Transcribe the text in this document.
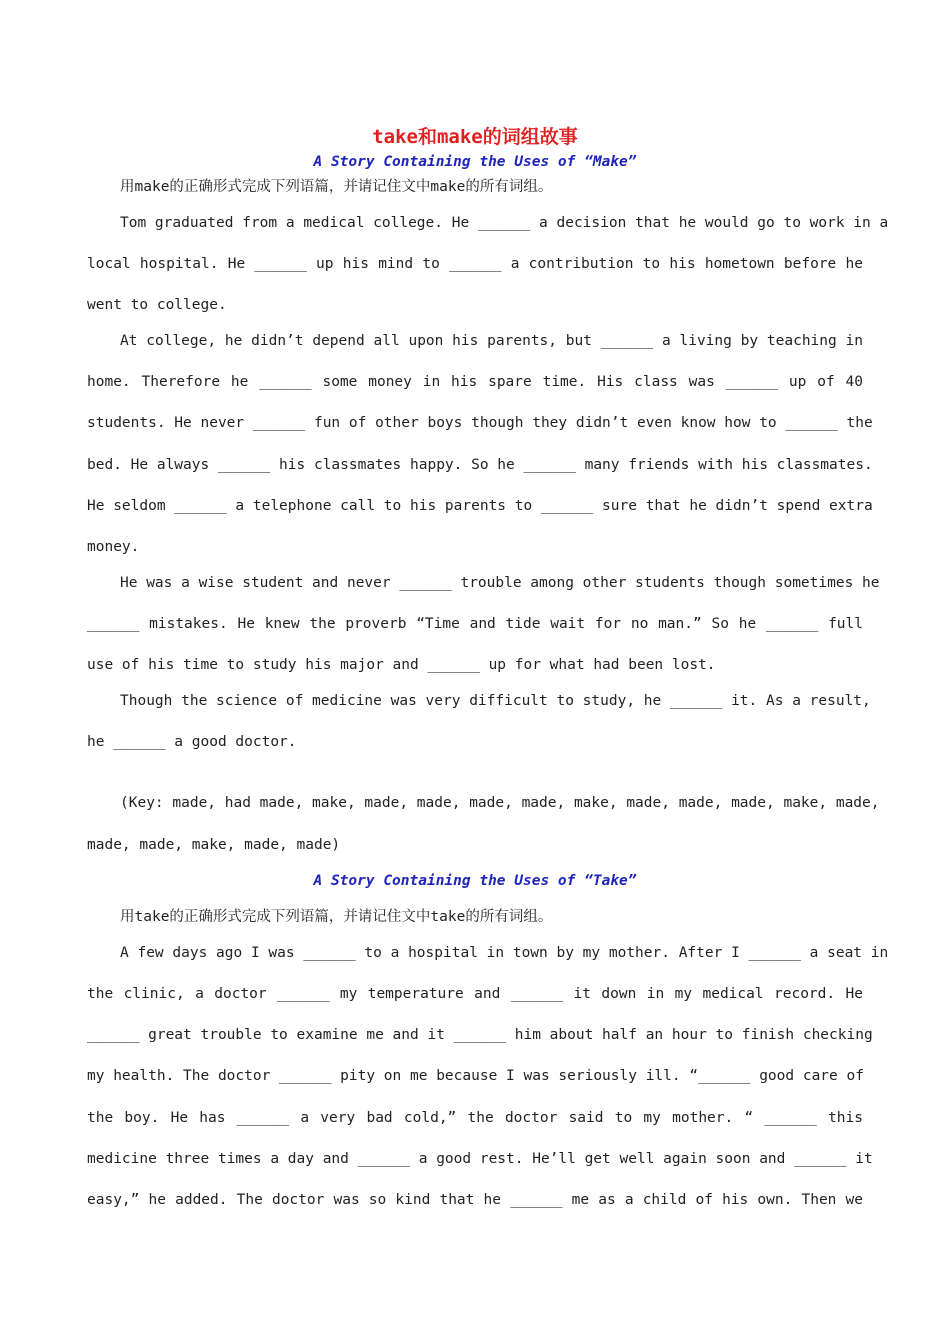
take和make的词组故事

A Story Containing the Uses of “Make”

用make的正确形式完成下列语篇，并请记住文中make的所有词组。

Tom graduated from a medical college. He ______ a decision that he would go to work in a

local hospital. He ______ up his mind to ______ a contribution to his hometown before he

went to college.

At college, he didn’t depend all upon his parents, but ______ a living by teaching in

home. Therefore he ______ some money in his spare time. His class was ______ up of 40

students. He never ______ fun of other boys though they didn’t even know how to ______ the

bed. He always ______ his classmates happy. So he ______ many friends with his classmates.

He seldom ______ a telephone call to his parents to ______ sure that he didn’t spend extra

money.

He was a wise student and never ______ trouble among other students though sometimes he

______ mistakes. He knew the proverb “Time and tide wait for no man.” So he ______ full

use of his time to study his major and ______ up for what had been lost.

Though the science of medicine was very difficult to study, he ______ it. As a result,

he ______ a good doctor.

(Key: made, had made, make, made, made, made, made, make, made, made, made, make, made,

made, made, make, made, made)

A Story Containing the Uses of “Take”

用take的正确形式完成下列语篇，并请记住文中take的所有词组。

A few days ago I was ______ to a hospital in town by my mother. After I ______ a seat in

the clinic, a doctor ______ my temperature and ______ it down in my medical record. He

______ great trouble to examine me and it ______ him about half an hour to finish checking

my health. The doctor ______ pity on me because I was seriously ill. “______ good care of

the boy. He has ______ a very bad cold,” the doctor said to my mother. “ ______ this

medicine three times a day and ______ a good rest. He’ll get well again soon and ______ it

easy,” he added. The doctor was so kind that he ______ me as a child of his own. Then we
